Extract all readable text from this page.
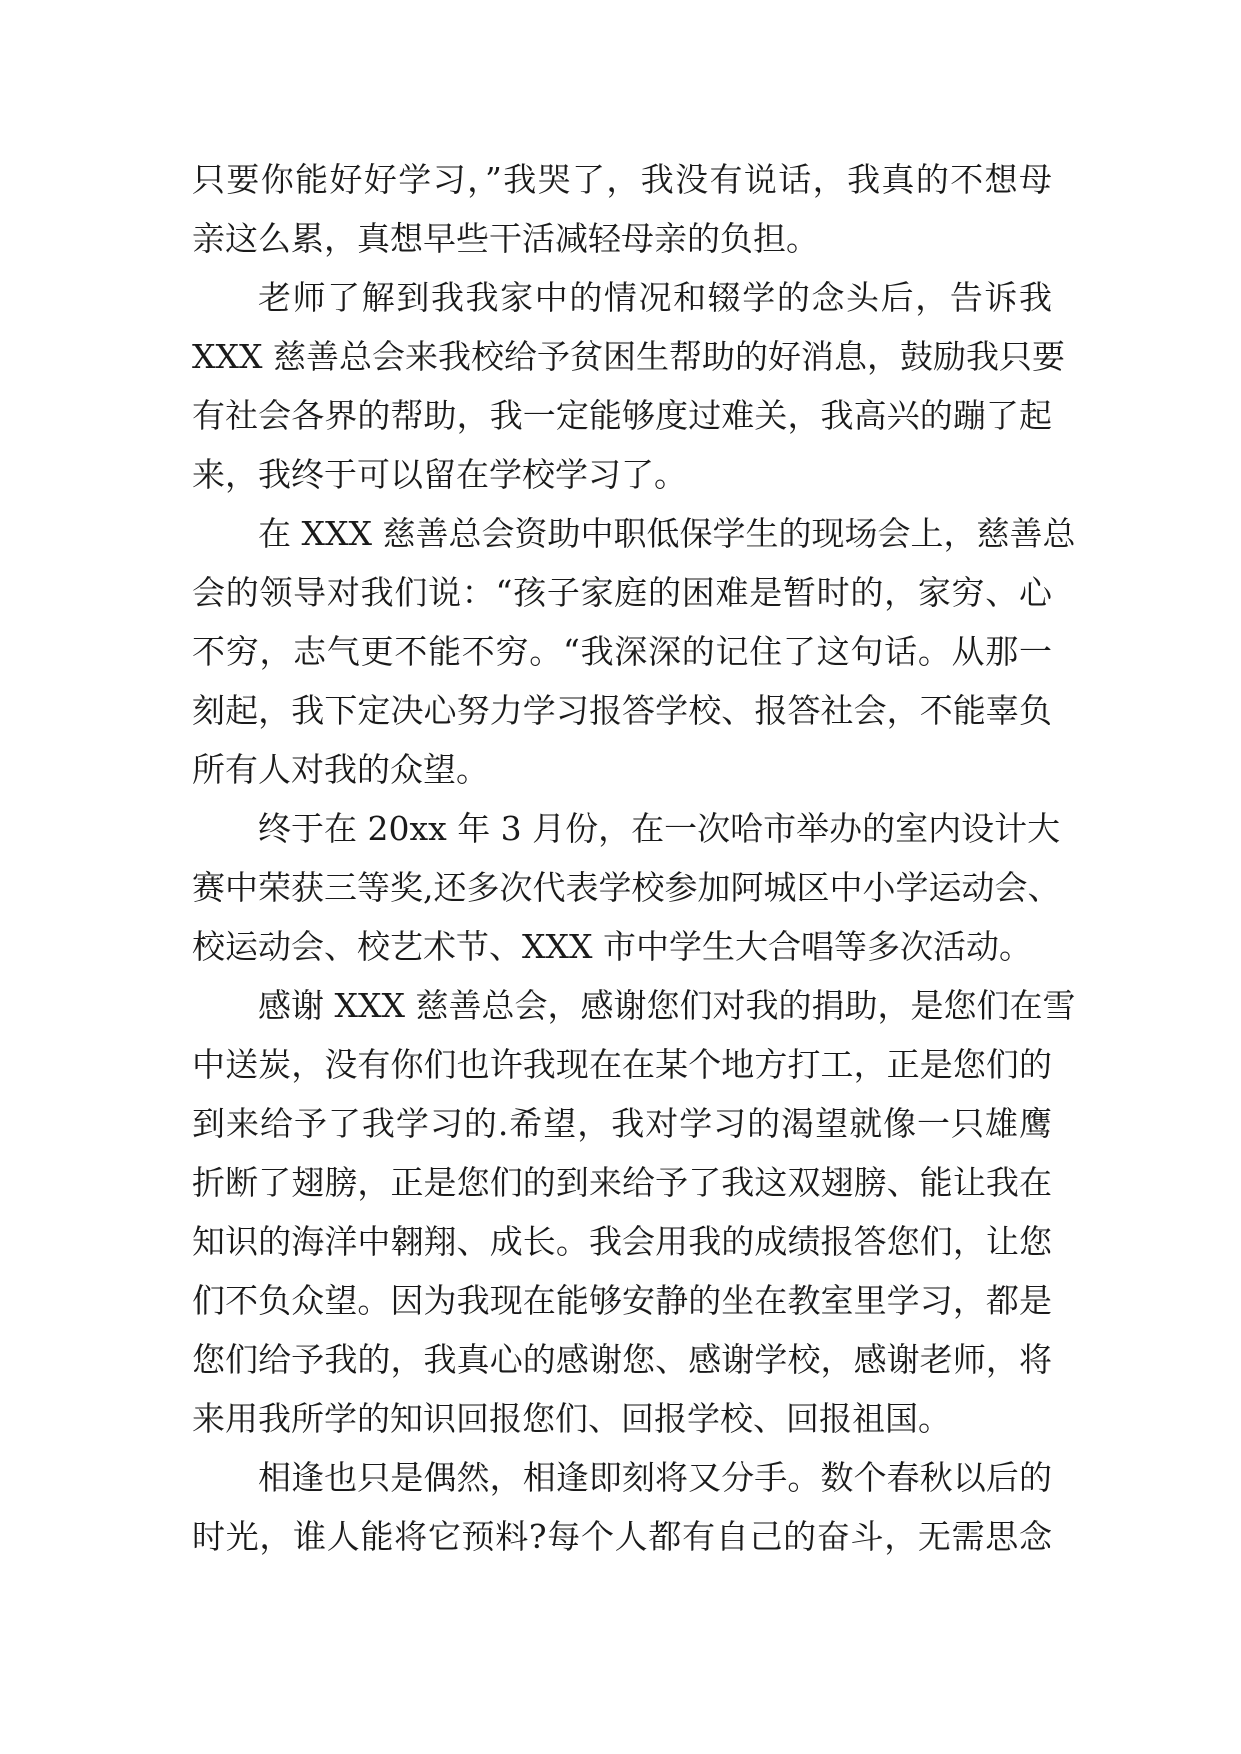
只要你能好好学习，”我哭了，我没有说话，我真的不想母
亲这么累，真想早些干活减轻母亲的负担。
老师了解到我我家中的情况和辍学的念头后，告诉我
XXX 慈善总会来我校给予贫困生帮助的好消息，鼓励我只要
有社会各界的帮助，我一定能够度过难关，我高兴的蹦了起
来，我终于可以留在学校学习了。
在 XXX 慈善总会资助中职低保学生的现场会上，慈善总
会的领导对我们说：“孩子家庭的困难是暂时的，家穷、心
不穷，志气更不能不穷。“我深深的记住了这句话。从那一
刻起，我下定决心努力学习报答学校、报答社会，不能辜负
所有人对我的众望。
终于在 20xx 年 3 月份，在一次哈市举办的室内设计大
赛中荣获三等奖,还多次代表学校参加阿城区中小学运动会、
校运动会、校艺术节、XXX 市中学生大合唱等多次活动。
感谢 XXX 慈善总会，感谢您们对我的捐助，是您们在雪
中送炭，没有你们也许我现在在某个地方打工，正是您们的
到来给予了我学习的.希望，我对学习的渴望就像一只雄鹰
折断了翅膀，正是您们的到来给予了我这双翅膀、能让我在
知识的海洋中翱翔、成长。我会用我的成绩报答您们，让您
们不负众望。因为我现在能够安静的坐在教室里学习，都是
您们给予我的，我真心的感谢您、感谢学校，感谢老师，将
来用我所学的知识回报您们、回报学校、回报祖国。
相逢也只是偶然，相逢即刻将又分手。数个春秋以后的
时光，谁人能将它预料?每个人都有自己的奋斗，无需思念
